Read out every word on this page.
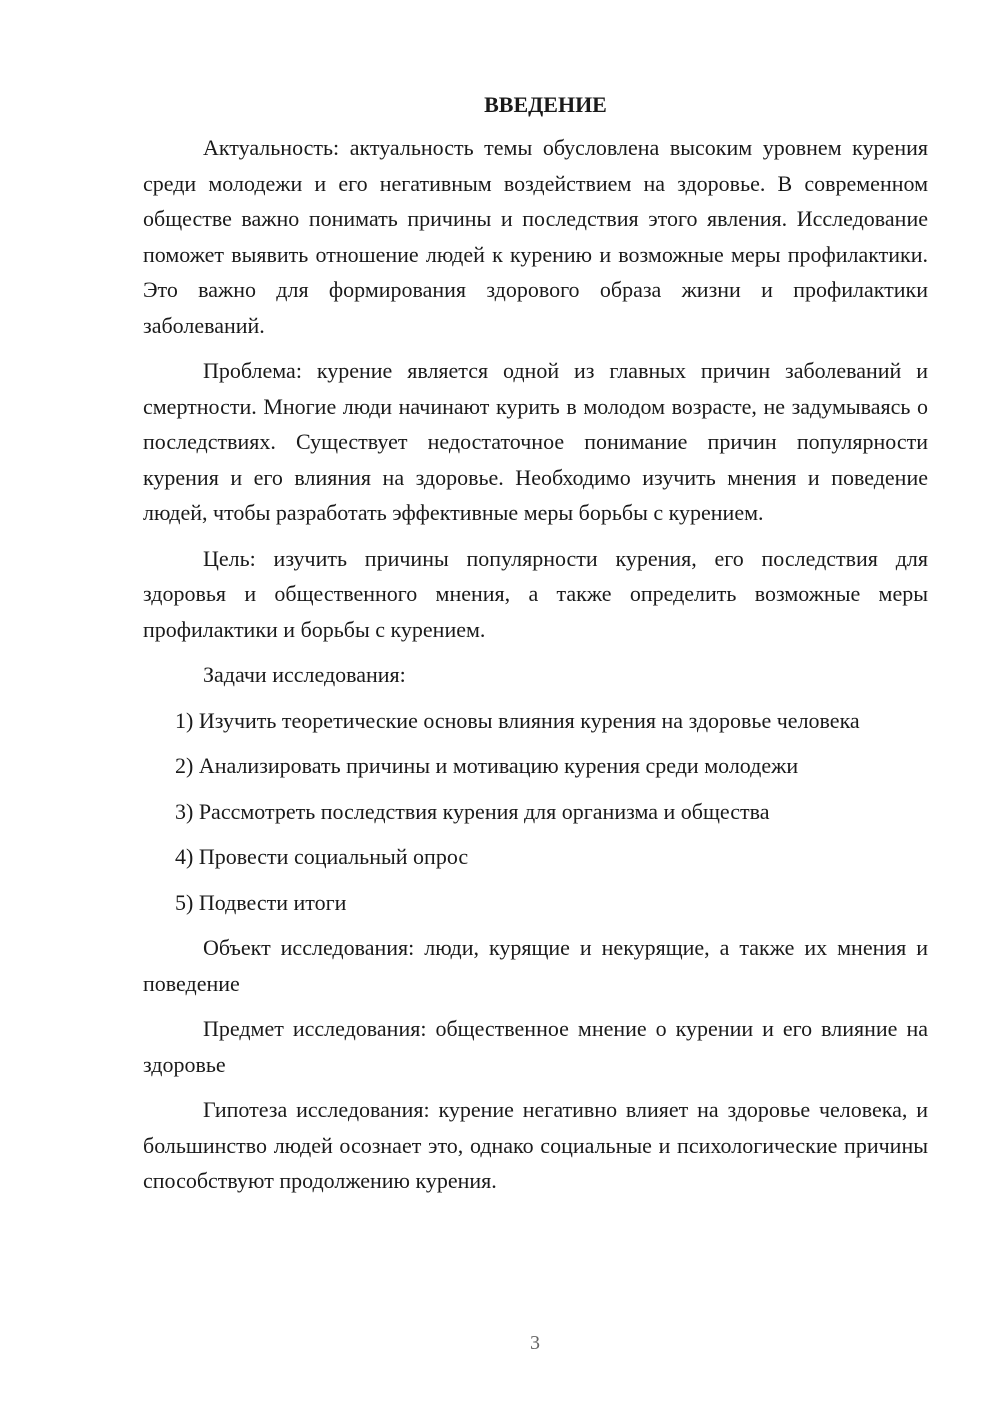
ВВЕДЕНИЕ

Актуальность: актуальность темы обусловлена высоким уровнем курения среди молодежи и его негативным воздействием на здоровье. В современном обществе важно понимать причины и последствия этого явления. Исследование поможет выявить отношение людей к курению и возможные меры профилактики. Это важно для формирования здорового образа жизни и профилактики заболеваний.

Проблема: курение является одной из главных причин заболеваний и смертности. Многие люди начинают курить в молодом возрасте, не задумываясь о последствиях. Существует недостаточное понимание причин популярности курения и его влияния на здоровье. Необходимо изучить мнения и поведение людей, чтобы разработать эффективные меры борьбы с курением.

Цель: изучить причины популярности курения, его последствия для здоровья и общественного мнения, а также определить возможные меры профилактики и борьбы с курением.

Задачи исследования:

1) Изучить теоретические основы влияния курения на здоровье человека

2) Анализировать причины и мотивацию курения среди молодежи

3) Рассмотреть последствия курения для организма и общества

4) Провести социальный опрос

5) Подвести итоги

Объект исследования: люди, курящие и некурящие, а также их мнения и поведение

Предмет исследования: общественное мнение о курении и его влияние на здоровье

Гипотеза исследования: курение негативно влияет на здоровье человека, и большинство людей осознает это, однако социальные и психологические причины способствуют продолжению курения.

3
